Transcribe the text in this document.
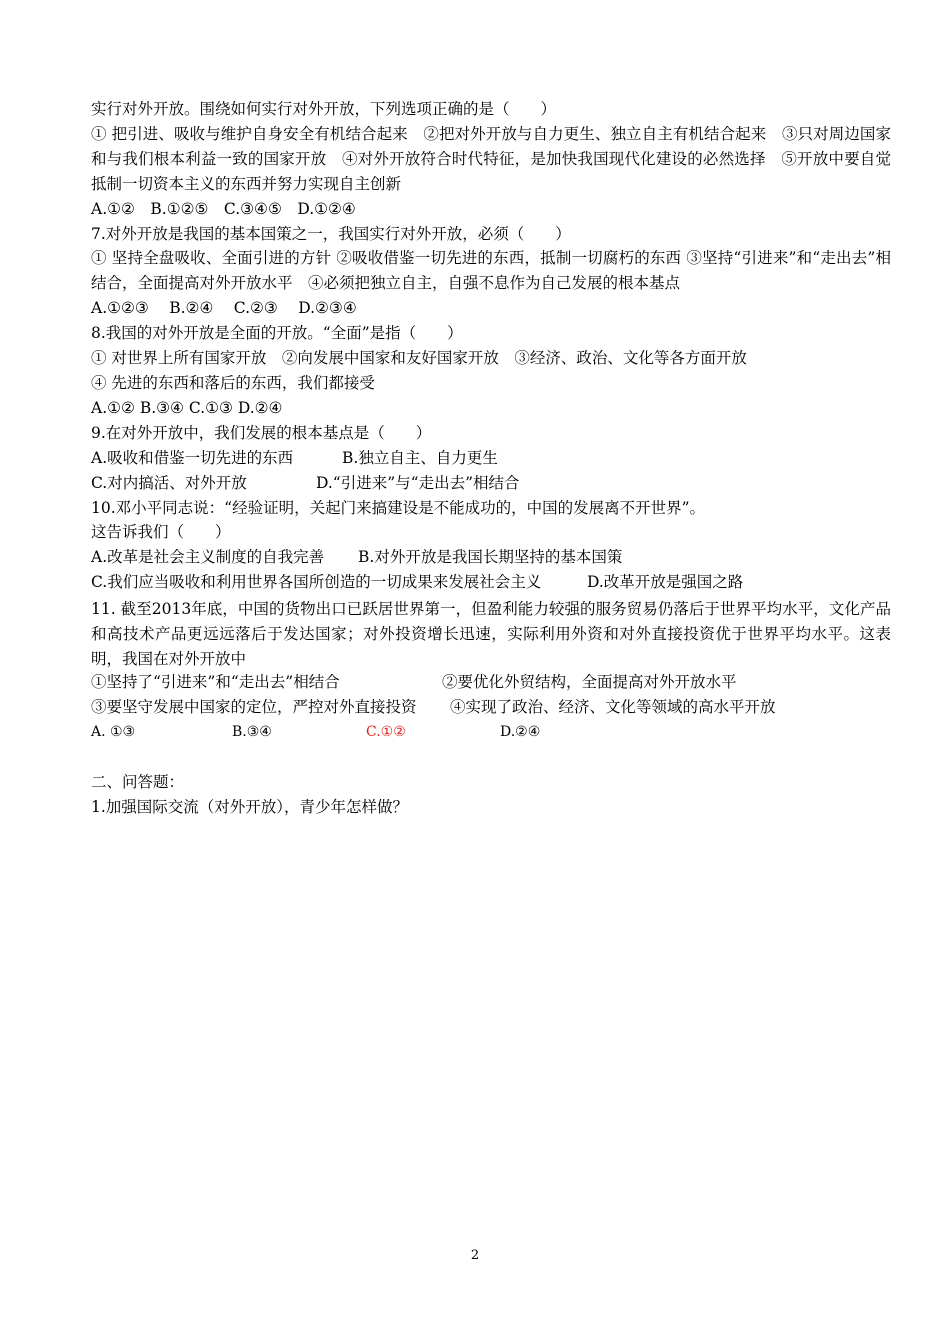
实行对外开放。围绕如何实行对外开放，下列选项正确的是（　　）
① 把引进、吸收与维护自身安全有机结合起来　②把对外开放与自力更生、独立自主有机结合起来　③只对周边国家和与我们根本利益一致的国家开放　④对外开放符合时代特征，是加快我国现代化建设的必然选择　⑤开放中要自觉抵制一切资本主义的东西并努力实现自主创新
A.①②　B.①②⑤　C.③④⑤　D.①②④
7.对外开放是我国的基本国策之一，我国实行对外开放，必须（　　）
① 坚持全盘吸收、全面引进的方针 ②吸收借鉴一切先进的东西，抵制一切腐朽的东西 ③坚持“引进来”和“走出去”相结合，全面提高对外开放水平　④必须把独立自主，自强不息作为自己发展的根本基点
A.①②③　 B.②④　 C.②③　 D.②③④
8.我国的对外开放是全面的开放。“全面”是指（　　）
① 对世界上所有国家开放　②向发展中国家和友好国家开放　③经济、政治、文化等各方面开放
④ 先进的东西和落后的东西，我们都接受
A.①② B.③④ C.①③ D.②④
9.在对外开放中，我们发展的根本基点是（　　）
A.吸收和借鉴一切先进的东西	B.独立自主、自力更生
C.对内搞活、对外开放	D.“引进来”与“走出去”相结合
10.邓小平同志说：“经验证明，关起门来搞建设是不能成功的，中国的发展离不开世界”。
这告诉我们（　　）
A.改革是社会主义制度的自我完善 B.对外开放是我国长期坚持的基本国策
C.我们应当吸收和利用世界各国所创造的一切成果来发展社会主义	D.改革开放是强国之路
11. 截至2013年底，中国的货物出口已跃居世界第一，但盈利能力较强的服务贸易仍落后于世界平均水平，文化产品和高技术产品更远远落后于发达国家；对外投资增长迅速，实际利用外资和对外直接投资优于世界平均水平。这表明，我国在对外开放中
①坚持了“引进来”和“走出去”相结合	②要优化外贸结构，全面提高对外开放水平
③要坚守发展中国家的定位，严控对外直接投资 ④实现了政治、经济、文化等领域的高水平开放
A. ①③	B.③④	C.①②	D.②④
二、问答题：
1.加强国际交流（对外开放），青少年怎样做？
2
